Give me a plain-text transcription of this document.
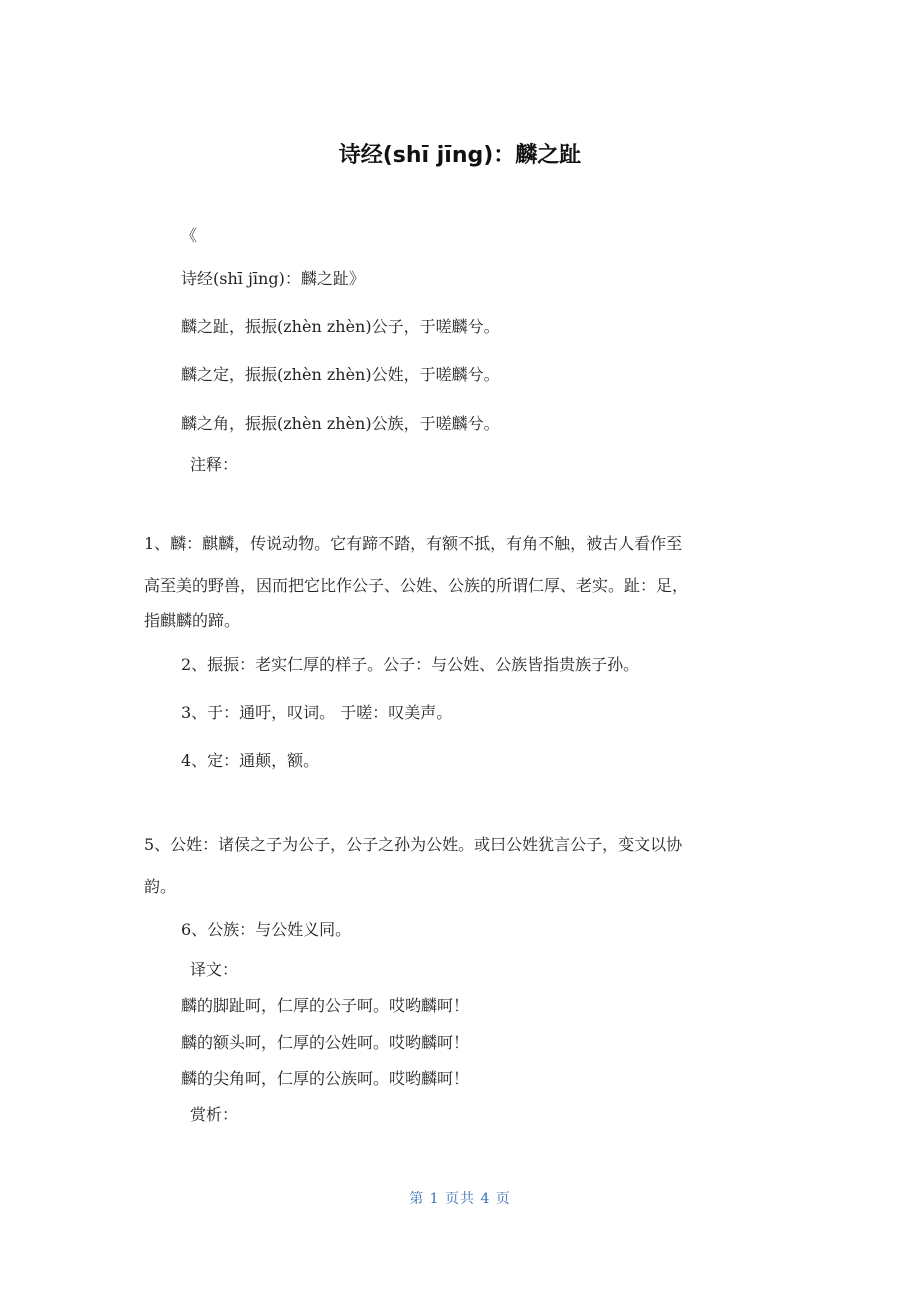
诗经(shī jīng)：麟之趾
《
诗经(shī jīng)：麟之趾》
麟之趾，振振(zhèn zhèn)公子，于嗟麟兮。
麟之定，振振(zhèn zhèn)公姓，于嗟麟兮。
麟之角，振振(zhèn zhèn)公族，于嗟麟兮。
注释：
1、麟：麒麟，传说动物。它有蹄不踏，有额不抵，有角不触，被古人看作至
高至美的野兽，因而把它比作公子、公姓、公族的所谓仁厚、老实。趾：足，
指麒麟的蹄。
2、振振：老实仁厚的样子。公子：与公姓、公族皆指贵族子孙。
3、于：通吁，叹词。 于嗟：叹美声。
4、定：通颠，额。
5、公姓：诸侯之子为公子，公子之孙为公姓。或曰公姓犹言公子，变文以协
韵。
6、公族：与公姓义同。
译文：
麟的脚趾呵，仁厚的公子呵。哎哟麟呵！
麟的额头呵，仁厚的公姓呵。哎哟麟呵！
麟的尖角呵，仁厚的公族呵。哎哟麟呵！
赏析：
第 1 页共 4 页
